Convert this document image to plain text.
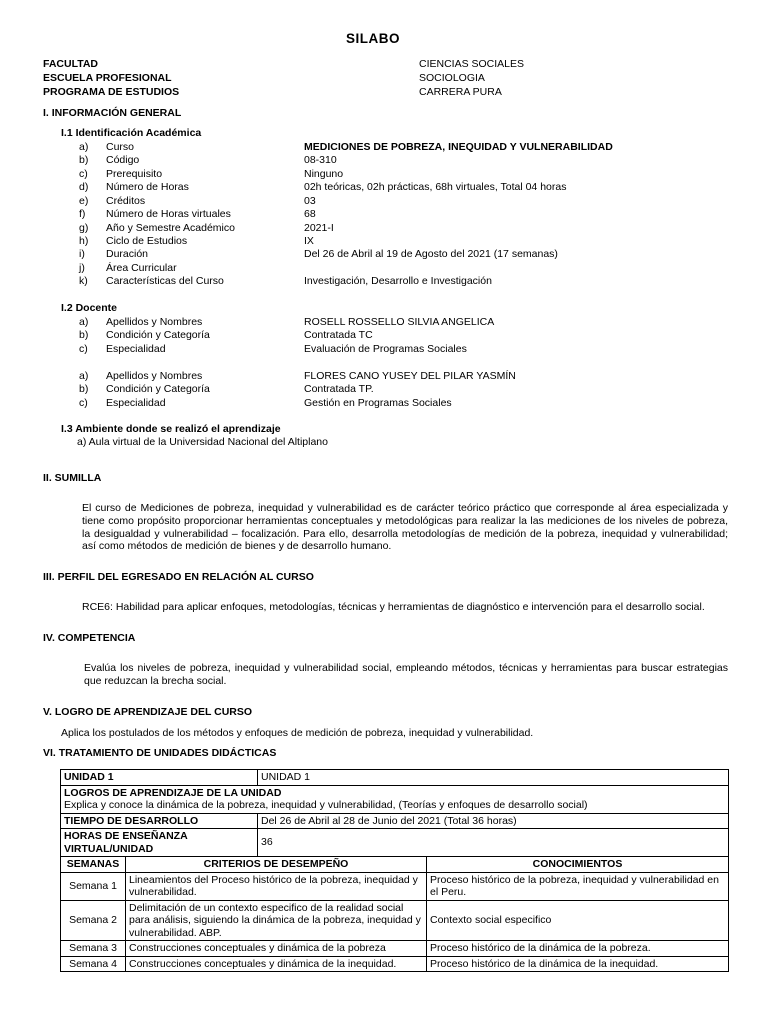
SILABO
FACULTAD	CIENCIAS SOCIALES
ESCUELA PROFESIONAL	SOCIOLOGIA
PROGRAMA DE ESTUDIOS	CARRERA PURA
I. INFORMACIÓN GENERAL
I.1 Identificación Académica
a) Curso	MEDICIONES DE POBREZA, INEQUIDAD Y VULNERABILIDAD
b) Código	08-310
c) Prerequisito	Ninguno
d) Número de Horas	02h teóricas, 02h prácticas, 68h virtuales, Total 04 horas
e) Créditos	03
f) Número de Horas virtuales	68
g) Año y Semestre Académico	2021-I
h) Ciclo de Estudios	IX
i) Duración	Del 26 de Abril al 19 de Agosto del 2021 (17 semanas)
j) Área Curricular
k) Características del Curso	Investigación, Desarrollo e Investigación
I.2 Docente
a) Apellidos y Nombres	ROSELL ROSSELLO SILVIA ANGELICA
b) Condición y Categoría	Contratada TC
c) Especialidad	Evaluación de Programas Sociales
a) Apellidos y Nombres	FLORES CANO YUSEY DEL PILAR YASMÍN
b) Condición y Categoría	Contratada TP.
c) Especialidad	Gestión en Programas Sociales
I.3 Ambiente donde se realizó el aprendizaje
a) Aula virtual de la Universidad Nacional del Altiplano
II. SUMILLA
El curso de Mediciones de pobreza, inequidad y vulnerabilidad es de carácter teórico práctico que corresponde al área especializada y tiene como propósito proporcionar herramientas conceptuales y metodológicas para realizar la las mediciones de los niveles de pobreza, la desigualdad y vulnerabilidad – focalización. Para ello, desarrolla metodologías de medición de la pobreza, inequidad y vulnerabilidad; así como métodos de medición de bienes y de desarrollo humano.
III. PERFIL DEL EGRESADO EN RELACIÓN AL CURSO
RCE6: Habilidad para aplicar enfoques, metodologías, técnicas y herramientas de diagnóstico e intervención para el desarrollo social.
IV. COMPETENCIA
Evalúa los niveles de pobreza, inequidad y vulnerabilidad social, empleando métodos, técnicas y herramientas para buscar estrategias que reduzcan la brecha social.
V. LOGRO DE APRENDIZAJE DEL CURSO
Aplica los postulados de los métodos y enfoques de medición de pobreza, inequidad y vulnerabilidad.
VI. TRATAMIENTO DE UNIDADES DIDÁCTICAS
UNIDAD 1		UNIDAD 1	

LOGROS DE APRENDIZAJE DE LA UNIDAD
Explica y conoce la dinámica de la pobreza, inequidad y vulnerabilidad, (Teorías y enfoques de desarrollo social)			

TIEMPO DE DESARROLLO		Del 26 de Abril al 28 de Junio del 2021 (Total 36 horas)	
HORAS DE ENSEÑANZA VIRTUAL/UNIDAD		36	
SEMANAS	CRITERIOS DE DESEMPEÑO		CONOCIMIENTOS
Semana 1	Lineamientos del Proceso histórico de la pobreza, inequidad y vulnerabilidad.		Proceso histórico de la pobreza, inequidad y vulnerabilidad en el Peru.
Semana 2	Delimitación de un contexto especifico de la realidad social para análisis, siguiendo la dinámica de la pobreza, inequidad y vulnerabilidad. ABP.		Contexto social especifico
Semana 3	Construcciones conceptuales y dinámica de la pobreza		Proceso histórico de la dinámica de la pobreza.
Semana 4	Construcciones conceptuales y dinámica de la inequidad.		Proceso histórico de la dinámica de la inequidad.
